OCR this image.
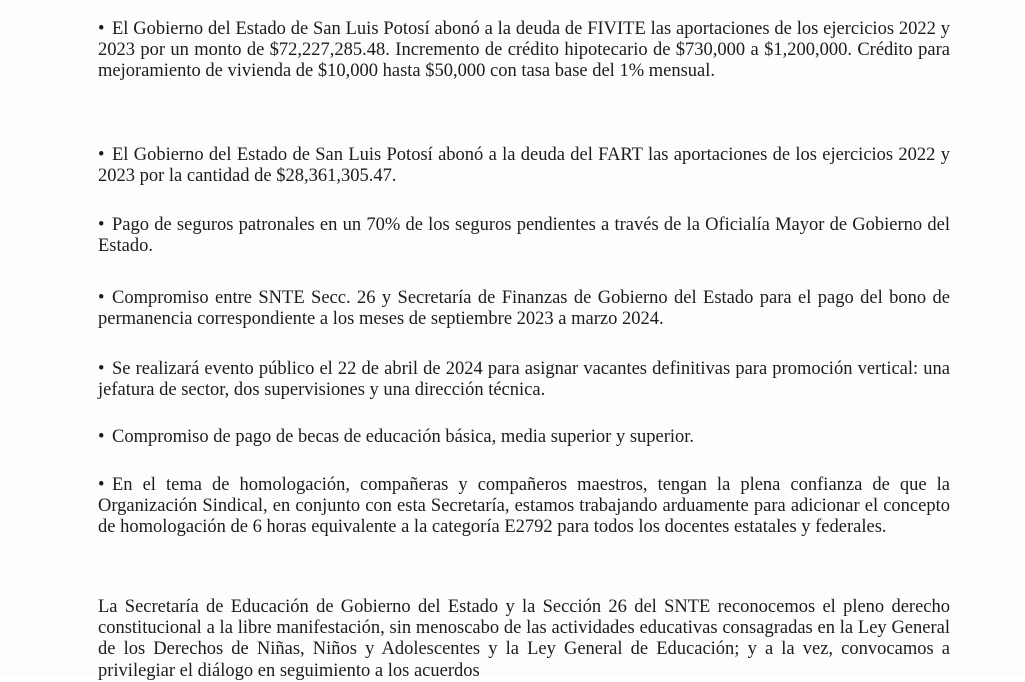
• El Gobierno del Estado de San Luis Potosí abonó a la deuda de FIVITE las aportaciones de los ejercicios 2022 y 2023 por un monto de $72,227,285.48. Incremento de crédito hipotecario de $730,000 a $1,200,000. Crédito para mejoramiento de vivienda de $10,000 hasta $50,000 con tasa base del 1% mensual.

• El Gobierno del Estado de San Luis Potosí abonó a la deuda del FART las aportaciones de los ejercicios 2022 y 2023 por la cantidad de $28,361,305.47.

• Pago de seguros patronales en un 70% de los seguros pendientes a través de la Oficialía Mayor de Gobierno del Estado.

• Compromiso entre SNTE Secc. 26 y Secretaría de Finanzas de Gobierno del Estado para el pago del bono de permanencia correspondiente a los meses de septiembre 2023 a marzo 2024.

• Se realizará evento público el 22 de abril de 2024 para asignar vacantes definitivas para promoción vertical: una jefatura de sector, dos supervisiones y una dirección técnica.

• Compromiso de pago de becas de educación básica, media superior y superior.

• En el tema de homologación, compañeras y compañeros maestros, tengan la plena confianza de que la Organización Sindical, en conjunto con esta Secretaría, estamos trabajando arduamente para adicionar el concepto de homologación de 6 horas equivalente a la categoría E2792 para todos los docentes estatales y federales.

La Secretaría de Educación de Gobierno del Estado y la Sección 26 del SNTE reconocemos el pleno derecho constitucional a la libre manifestación, sin menoscabo de las actividades educativas consagradas en la Ley General de los Derechos de Niñas, Niños y Adolescentes y la Ley General de Educación; y a la vez, convocamos a privilegiar el diálogo en seguimiento a los acuerdos
